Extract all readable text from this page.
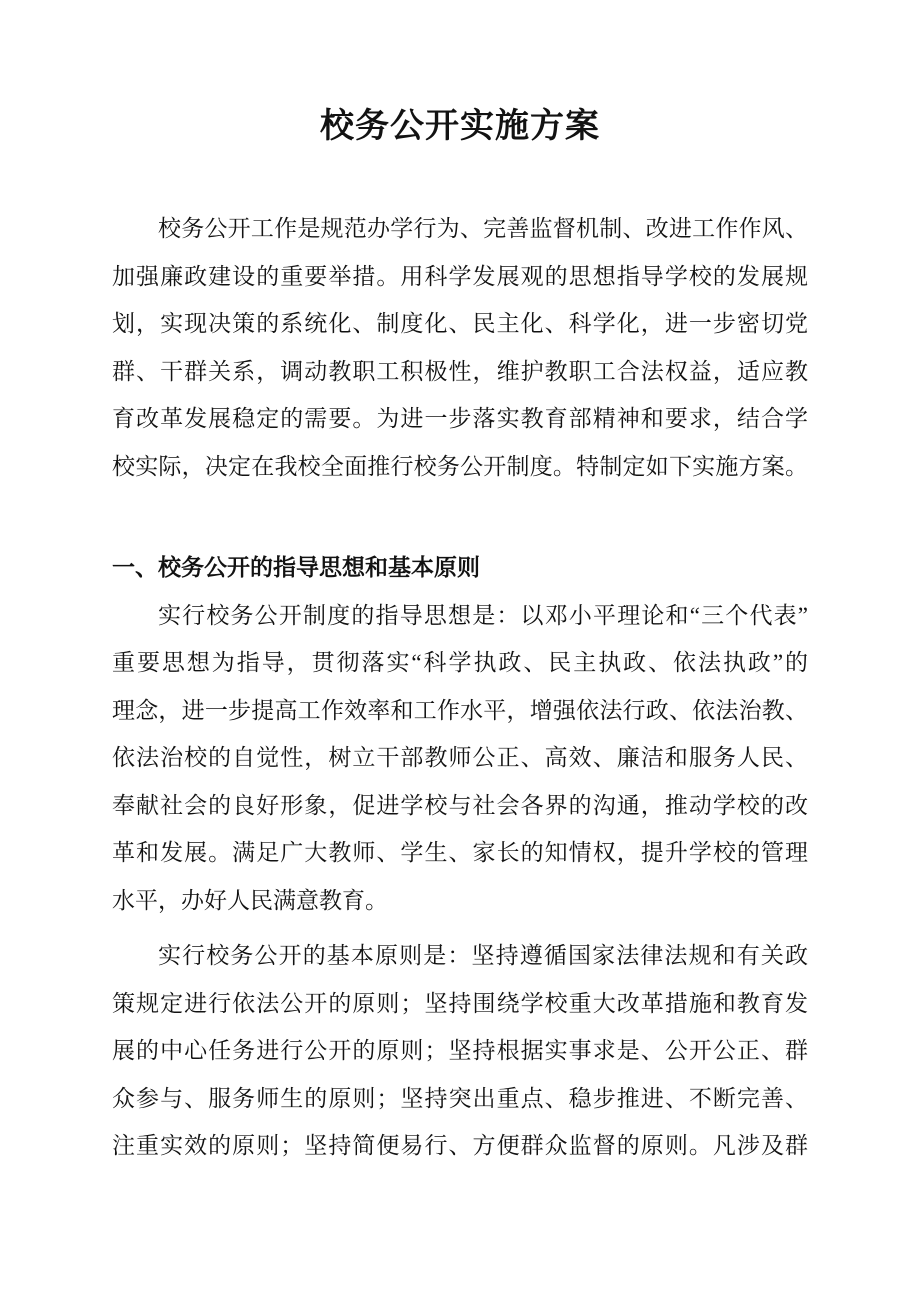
校务公开实施方案

校务公开工作是规范办学行为、完善监督机制、改进工作作风、
加强廉政建设的重要举措。用科学发展观的思想指导学校的发展规
划，实现决策的系统化、制度化、民主化、科学化，进一步密切党
群、干群关系，调动教职工积极性，维护教职工合法权益，适应教
育改革发展稳定的需要。为进一步落实教育部精神和要求，结合学
校实际，决定在我校全面推行校务公开制度。特制定如下实施方案。

一、校务公开的指导思想和基本原则

实行校务公开制度的指导思想是：以邓小平理论和“三个代表”
重要思想为指导，贯彻落实“科学执政、民主执政、依法执政”的
理念，进一步提高工作效率和工作水平，增强依法行政、依法治教、
依法治校的自觉性，树立干部教师公正、高效、廉洁和服务人民、
奉献社会的良好形象，促进学校与社会各界的沟通，推动学校的改
革和发展。满足广大教师、学生、家长的知情权，提升学校的管理
水平，办好人民满意教育。

实行校务公开的基本原则是：坚持遵循国家法律法规和有关政
策规定进行依法公开的原则；坚持围绕学校重大改革措施和教育发
展的中心任务进行公开的原则；坚持根据实事求是、公开公正、群
众参与、服务师生的原则；坚持突出重点、稳步推进、不断完善、
注重实效的原则；坚持简便易行、方便群众监督的原则。凡涉及群
